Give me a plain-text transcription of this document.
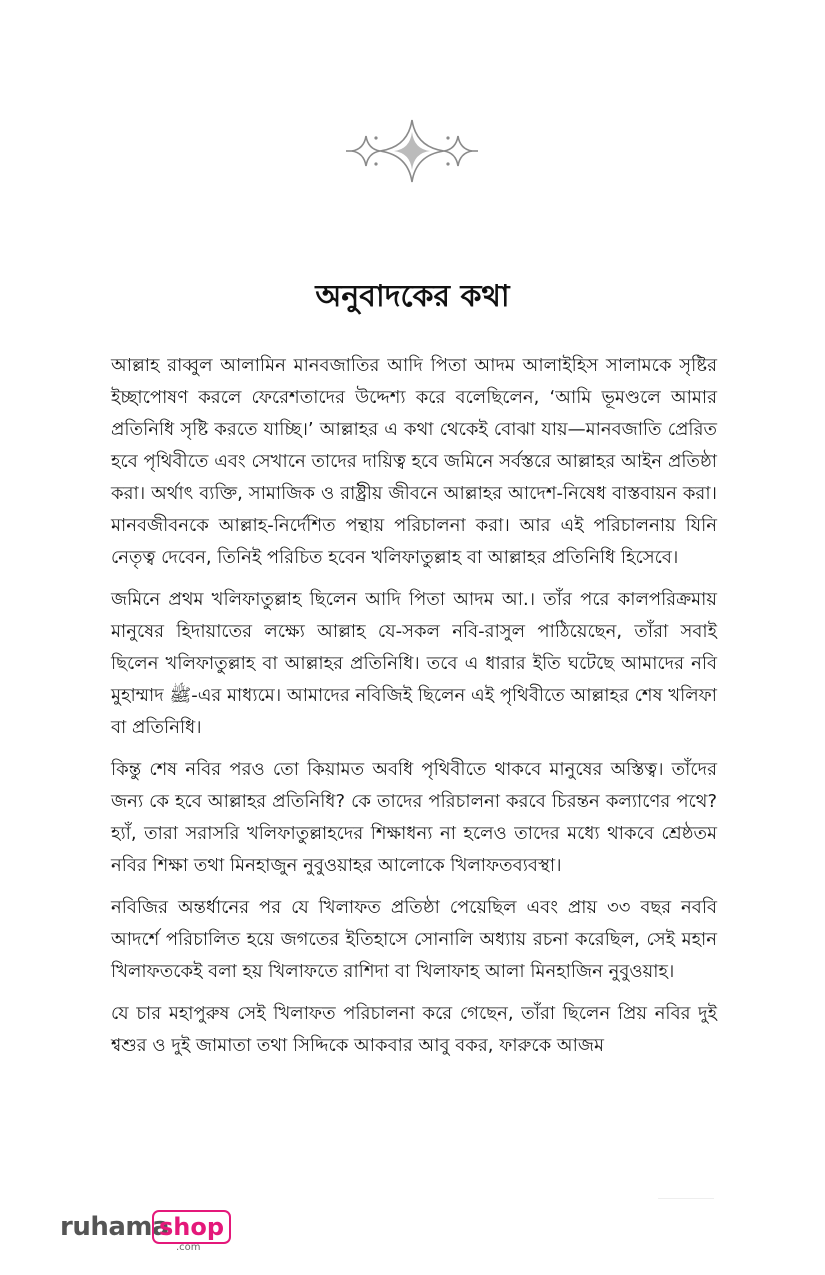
অনুবাদকের কথা

আল্লাহ রাব্বুল আলামিন মানবজাতির আদি পিতা আদম আলাইহিস সালামকে সৃষ্টির ইচ্ছাপোষণ করলে ফেরেশতাদের উদ্দেশ্য করে বলেছিলেন, ‘আমি ভূমণ্ডলে আমার প্রতিনিধি সৃষ্টি করতে যাচ্ছি।’ আল্লাহর এ কথা থেকেই বোঝা যায়—মানবজাতি প্রেরিত হবে পৃথিবীতে এবং সেখানে তাদের দায়িত্ব হবে জমিনে সর্বস্তরে আল্লাহর আইন প্রতিষ্ঠা করা। অর্থাৎ ব্যক্তি, সামাজিক ও রাষ্ট্রীয় জীবনে আল্লাহর আদেশ-নিষেধ বাস্তবায়ন করা। মানবজীবনকে আল্লাহ-নির্দেশিত পন্থায় পরিচালনা করা। আর এই পরিচালনায় যিনি নেতৃত্ব দেবেন, তিনিই পরিচিত হবেন খলিফাতুল্লাহ বা আল্লাহর প্রতিনিধি হিসেবে।

জমিনে প্রথম খলিফাতুল্লাহ ছিলেন আদি পিতা আদম আ.। তাঁর পরে কালপরিক্রমায় মানুষের হিদায়াতের লক্ষ্যে আল্লাহ যে-সকল নবি-রাসুল পাঠিয়েছেন, তাঁরা সবাই ছিলেন খলিফাতুল্লাহ বা আল্লাহর প্রতিনিধি। তবে এ ধারার ইতি ঘটেছে আমাদের নবি মুহাম্মাদ ﷺ-এর মাধ্যমে। আমাদের নবিজিই ছিলেন এই পৃথিবীতে আল্লাহর শেষ খলিফা বা প্রতিনিধি।

কিন্তু শেষ নবির পরও তো কিয়ামত অবধি পৃথিবীতে থাকবে মানুষের অস্তিত্ব। তাঁদের জন্য কে হবে আল্লাহর প্রতিনিধি? কে তাদের পরিচালনা করবে চিরন্তন কল্যাণের পথে? হ্যাঁ, তারা সরাসরি খলিফাতুল্লাহদের শিক্ষাধন্য না হলেও তাদের মধ্যে থাকবে শ্রেষ্ঠতম নবির শিক্ষা তথা মিনহাজুন নুবুওয়াহর আলোকে খিলাফতব্যবস্থা।

নবিজির অন্তর্ধানের পর যে খিলাফত প্রতিষ্ঠা পেয়েছিল এবং প্রায় ৩৩ বছর নববি আদর্শে পরিচালিত হয়ে জগতের ইতিহাসে সোনালি অধ্যায় রচনা করেছিল, সেই মহান খিলাফতকেই বলা হয় খিলাফতে রাশিদা বা খিলাফাহ আলা মিনহাজিন নুবুওয়াহ।

যে চার মহাপুরুষ সেই খিলাফত পরিচালনা করে গেছেন, তাঁরা ছিলেন প্রিয় নবির দুই শ্বশুর ও দুই জামাতা তথা সিদ্দিকে আকবার আবু বকর, ফারুকে আজম

ruhama
shop
.com
